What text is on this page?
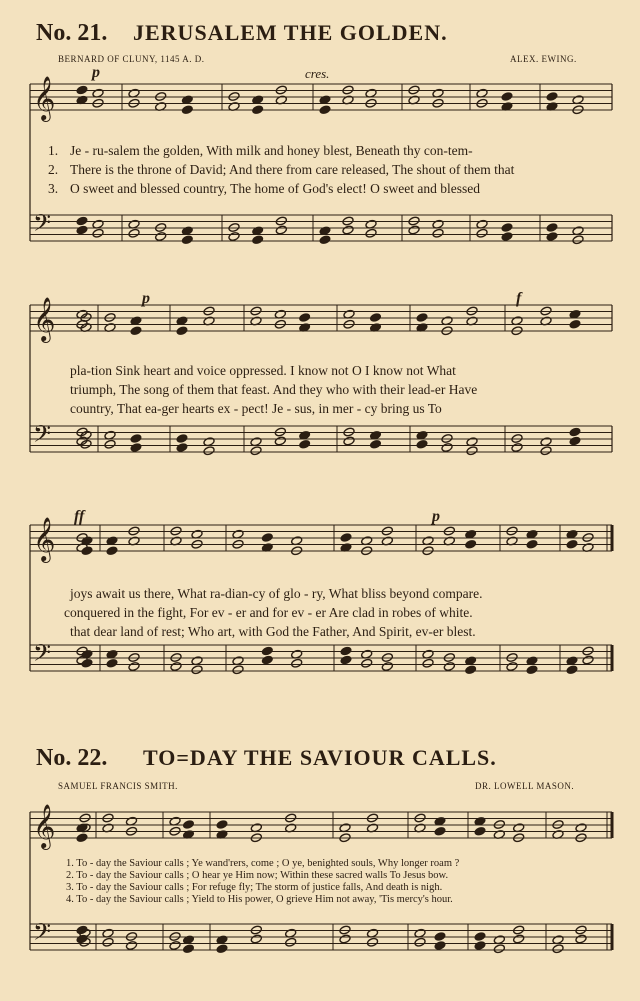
No. 21. JERUSALEM THE GOLDEN.
BERNARD OF CLUNY, 1145 A. D.	ALEX. EWING.
p	cres.
p	f
ff	p
1. Je - ru-salem the golden, With milk and honey blest, Beneath thy con-tem-
2. There is the throne of David; And there from care released, The shout of them that
3. O sweet and blessed country, The home of God's elect! O sweet and blessed
pla-tion Sink heart and voice oppressed. I know not O I know not What
triumph, The song of them that feast. And they who with their lead-er Have
country, That ea-ger hearts ex - pect! Je - sus, in mer - cy bring us To
joys await us there, What ra-dian-cy of glo - ry, What bliss beyond compare.
conquered in the fight, For ev - er and for ev - er Are clad in robes of white.
that dear land of rest; Who art, with God the Father, And Spirit, ev-er blest.
No. 22. TO=DAY THE SAVIOUR CALLS.
SAMUEL FRANCIS SMITH.	DR. LOWELL MASON.
1. To - day the Saviour calls ; Ye wand'rers, come ; O ye, benighted souls, Why longer roam ?
2. To - day the Saviour calls ; O hear ye Him now; Within these sacred walls To Jesus bow.
3. To - day the Saviour calls ; For refuge fly; The storm of justice falls, And death is nigh.
4. To - day the Saviour calls ; Yield to His power, O grieve Him not away, 'Tis mercy's hour.
𝄞
𝄢
𝄞
𝄢
𝄞
𝄢
𝄞
𝄢
